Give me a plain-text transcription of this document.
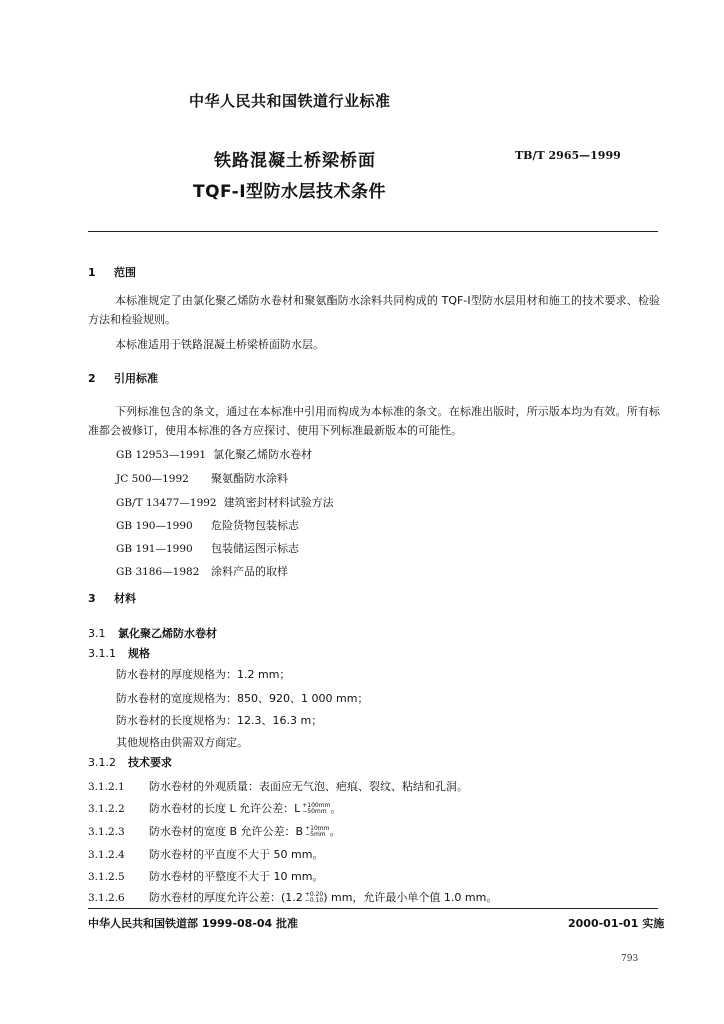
中华人民共和国铁道行业标准
铁路混凝土桥梁桥面
TQF-Ⅰ型防水层技术条件
TB/T 2965—1999
1 范围
本标准规定了由氯化聚乙烯防水卷材和聚氨酯防水涂料共同构成的 TQF-Ⅰ型防水层用材和施工的技术要求、检验方法和检验规则。
本标准适用于铁路混凝土桥梁桥面防水层。
2 引用标准
下列标准包含的条文，通过在本标准中引用而构成为本标准的条文。在标准出版时，所示版本均为有效。所有标准都会被修订，使用本标准的各方应探讨、使用下列标准最新版本的可能性。
GB 12953—1991 氯化聚乙烯防水卷材
JC 500—1992 聚氨酯防水涂料
GB/T 13477—1992 建筑密封材料试验方法
GB 190—1990 危险货物包装标志
GB 191—1990 包装储运图示标志
GB 3186—1982 涂料产品的取样
3 材料
3.1 氯化聚乙烯防水卷材
3.1.1 规格
防水卷材的厚度规格为：1.2 mm；
防水卷材的宽度规格为：850、920、1 000 mm；
防水卷材的长度规格为：12.3、16.3 m；
其他规格由供需双方商定。
3.1.2 技术要求
3.1.2.1 防水卷材的外观质量：表面应无气泡、疤痕、裂纹、粘结和孔洞。
3.1.2.2 防水卷材的长度 L 允许公差：L +100mm
−50mm 。
3.1.2.3 防水卷材的宽度 B 允许公差：B +10mm
−5mm 。
3.1.2.4 防水卷材的平直度不大于 50 mm。
3.1.2.5 防水卷材的平整度不大于 10 mm。
3.1.2.6 防水卷材的厚度允许公差：(1.2 +0.20
−0.10 ) mm，允许最小单个值 1.0 mm。
中华人民共和国铁道部 1999-08-04 批准	2000-01-01 实施
793
